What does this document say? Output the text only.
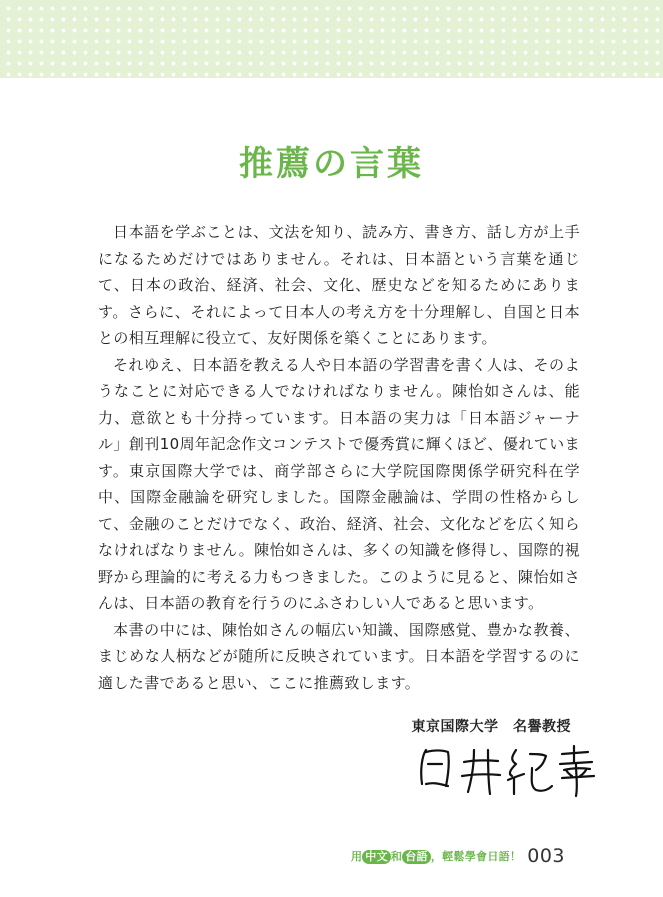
推薦の言葉

日本語を学ぶことは、文法を知り、読み方、書き方、話し方が上手になるためだけではありません。それは、日本語という言葉を通じて、日本の政治、経済、社会、文化、歴史などを知るためにあります。さらに、それによって日本人の考え方を十分理解し、自国と日本との相互理解に役立て、友好関係を築くことにあります。

それゆえ、日本語を教える人や日本語の学習書を書く人は、そのようなことに対応できる人でなければなりません。陳怡如さんは、能力、意欲とも十分持っています。日本語の実力は「日本語ジャーナル」創刊10周年記念作文コンテストで優秀賞に輝くほど、優れています。東京国際大学では、商学部さらに大学院国際関係学研究科在学中、国際金融論を研究しました。国際金融論は、学問の性格からして、金融のことだけでなく、政治、経済、社会、文化などを広く知らなければなりません。陳怡如さんは、多くの知識を修得し、国際的視野から理論的に考える力もつきました。このように見ると、陳怡如さんは、日本語の教育を行うのにふさわしい人であると思います。

本書の中には、陳怡如さんの幅広い知識、国際感覚、豊かな教養、まじめな人柄などが随所に反映されています。日本語を学習するのに適した書であると思い、ここに推薦致します。

東京国際大学　名譽教授
用 中文 和 台語 ，輕鬆學會日語！ 003
